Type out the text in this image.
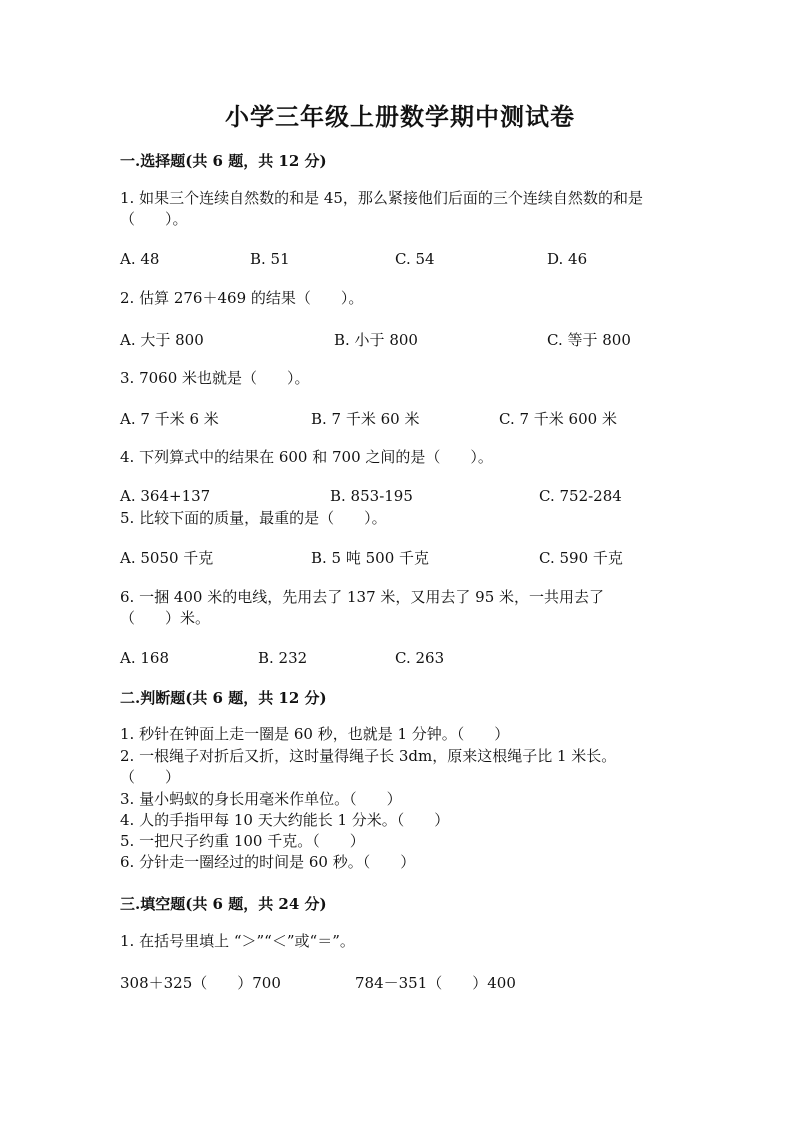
小学三年级上册数学期中测试卷
一.选择题(共 6 题，共 12 分)
1. 如果三个连续自然数的和是 45，那么紧接他们后面的三个连续自然数的和是
（　　）。
A. 48	B. 51	C. 54	D. 46
2. 估算 276＋469 的结果（　　）。
A. 大于 800	B. 小于 800	C. 等于 800
3. 7060 米也就是（　　）。
A. 7 千米 6 米	B. 7 千米 60 米	C. 7 千米 600 米
4. 下列算式中的结果在 600 和 700 之间的是（　　）。
A. 364+137	B. 853-195	C. 752-284
5. 比较下面的质量，最重的是（　　）。
A. 5050 千克	B. 5 吨 500 千克	C. 590 千克
6. 一捆 400 米的电线，先用去了 137 米，又用去了 95 米，一共用去了
（　　）米。
A. 168	B. 232	C. 263
二.判断题(共 6 题，共 12 分)
1. 秒针在钟面上走一圈是 60 秒，也就是 1 分钟。（　　）
2. 一根绳子对折后又折，这时量得绳子长 3dm，原来这根绳子比 1 米长。
（　　）
3. 量小蚂蚁的身长用毫米作单位。（　　）
4. 人的手指甲每 10 天大约能长 1 分米。（　　）
5. 一把尺子约重 100 千克。（　　）
6. 分针走一圈经过的时间是 60 秒。（　　）
三.填空题(共 6 题，共 24 分)
1. 在括号里填上 “＞”“＜”或“＝”。
308＋325（　　）700	784－351（　　）400
